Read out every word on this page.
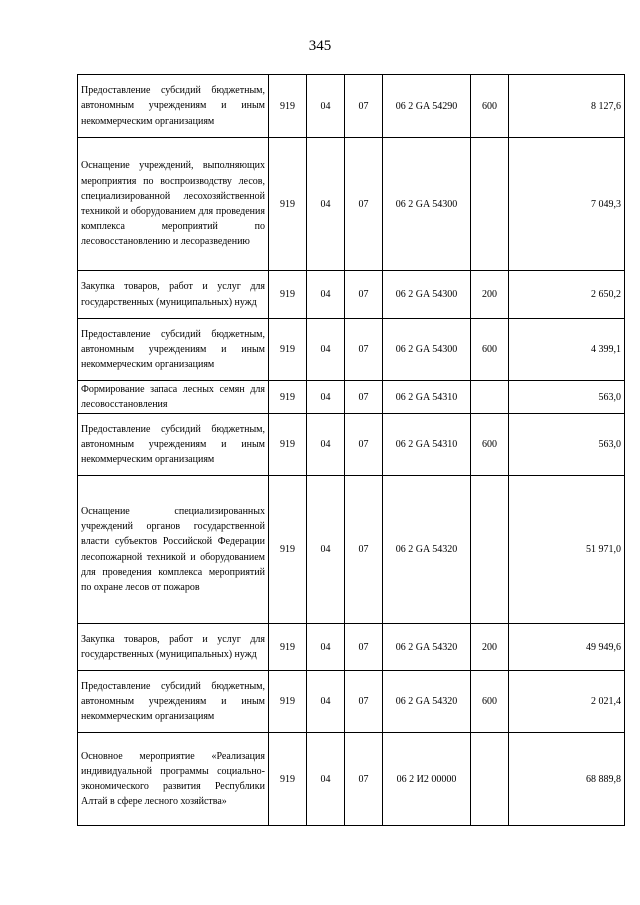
345
Предоставление субсидий бюджетным, автономным учреждениям и иным некоммерческим организациям	919	04	07	06 2 GA 54290	600	8 127,6
Оснащение учреждений, выполняющих мероприятия по воспроизводству лесов, специализированной лесохозяйственной техникой и оборудованием для проведения комплекса мероприятий по лесовосстановлению и лесоразведению	919	04	07	06 2 GA 54300		7 049,3
Закупка товаров, работ и услуг для государственных (муниципальных) нужд	919	04	07	06 2 GA 54300	200	2 650,2
Предоставление субсидий бюджетным, автономным учреждениям и иным некоммерческим организациям	919	04	07	06 2 GA 54300	600	4 399,1
Формирование запаса лесных семян для лесовосстановления	919	04	07	06 2 GA 54310		563,0
Предоставление субсидий бюджетным, автономным учреждениям и иным некоммерческим организациям	919	04	07	06 2 GA 54310	600	563,0
Оснащение специализированных учреждений органов государственной власти субъектов Российской Федерации лесопожарной техникой и оборудованием для проведения комплекса мероприятий по охране лесов от пожаров	919	04	07	06 2 GA 54320		51 971,0
Закупка товаров, работ и услуг для государственных (муниципальных) нужд	919	04	07	06 2 GA 54320	200	49 949,6
Предоставление субсидий бюджетным, автономным учреждениям и иным некоммерческим организациям	919	04	07	06 2 GA 54320	600	2 021,4
Основное мероприятие «Реализация индивидуальной программы социально-экономического развития Республики Алтай в сфере лесного хозяйства»	919	04	07	06 2 И2 00000		68 889,8
